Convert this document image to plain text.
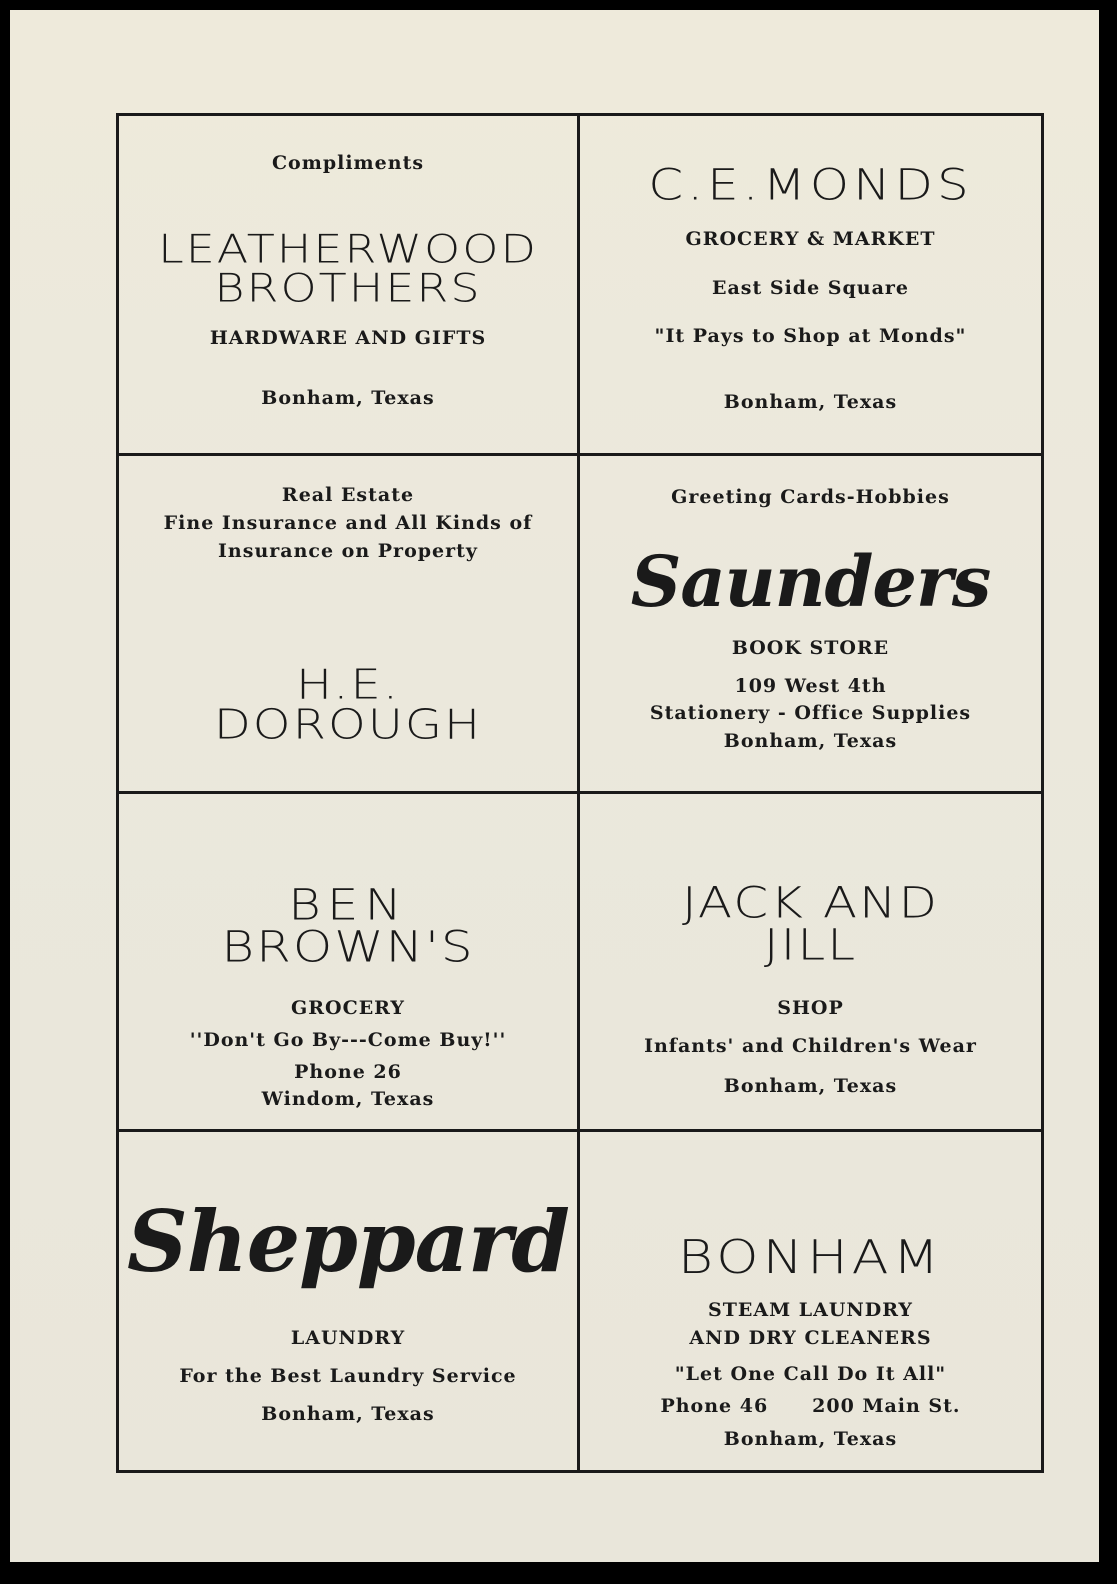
Compliments
LEATHERWOOD
BROTHERS
HARDWARE AND GIFTS
Bonham, Texas
C.E.MONDS
GROCERY & MARKET
East Side Square
"It Pays to Shop at Monds"
Bonham, Texas
Real Estate
Fine Insurance and All Kinds of
Insurance on Property
H.E.
DOROUGH
Greeting Cards-Hobbies
Saunders
BOOK STORE
109 West 4th
Stationery - Office Supplies
Bonham, Texas
BEN
BROWN'S
GROCERY
''Don't Go By---Come Buy!''
Phone 26
Windom, Texas
JACK AND
JILL
SHOP
Infants' and Children's Wear
Bonham, Texas
Sheppard
LAUNDRY
For the Best Laundry Service
Bonham, Texas
BONHAM
STEAM LAUNDRY
AND DRY CLEANERS
"Let One Call Do It All"
Phone 46 200 Main St.
Bonham, Texas
